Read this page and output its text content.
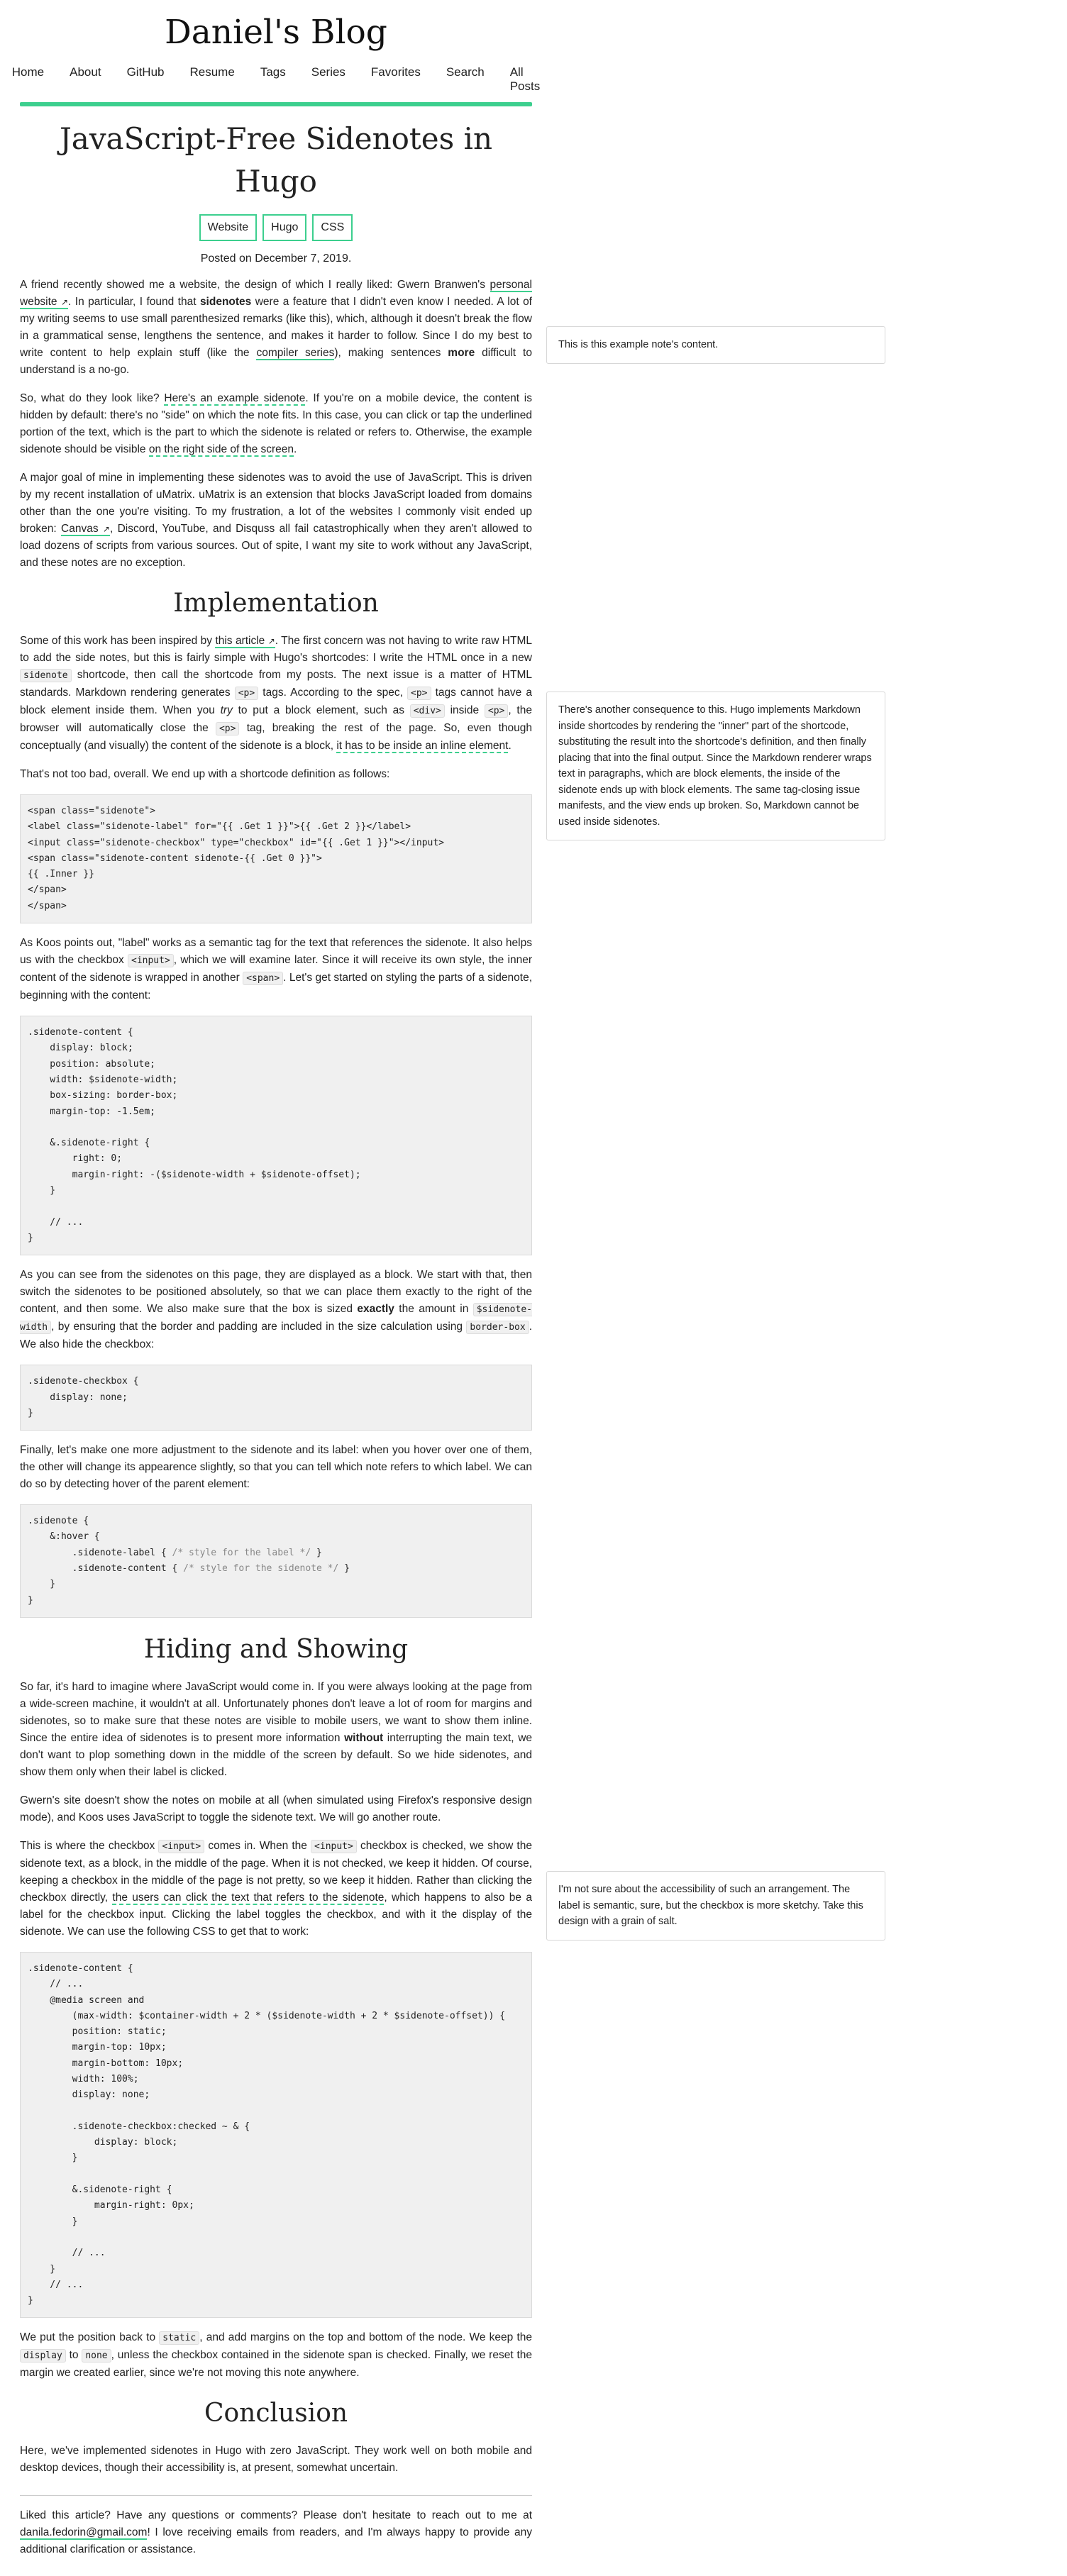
Daniel's Blog
Home About GitHub Resume Tags Series Favorites Search All Posts
JavaScript-Free Sidenotes in Hugo
Website	Hugo	CSS
Posted on December 7, 2019.

A friend recently showed me a website, the design of which I really liked: Gwern Branwen's personal website ↗. In particular, I found that sidenotes were a feature that I didn't even know I needed. A lot of my writing seems to use small parenthesized remarks (like this), which, although it doesn't break the flow in a grammatical sense, lengthens the sentence, and makes it harder to follow. Since I do my best to write content to help explain stuff (like the compiler series), making sentences more difficult to understand is a no-go.

So, what do they look like? Here's an example sidenote. If you're on a mobile device, the content is hidden by default: there's no "side" on which the note fits. In this case, you can click or tap the underlined portion of the text, which is the part to which the sidenote is related or refers to. Otherwise, the example sidenote should be visible on the right side of the screen.

A major goal of mine in implementing these sidenotes was to avoid the use of JavaScript. This is driven by my recent installation of uMatrix. uMatrix is an extension that blocks JavaScript loaded from domains other than the one you're visiting. To my frustration, a lot of the websites I commonly visit ended up broken: Canvas ↗, Discord, YouTube, and Disquss all fail catastrophically when they aren't allowed to load dozens of scripts from various sources. Out of spite, I want my site to work without any JavaScript, and these notes are no exception.

Implementation

Some of this work has been inspired by this article ↗. The first concern was not having to write raw HTML to add the side notes, but this is fairly simple with Hugo's shortcodes: I write the HTML once in a new sidenote shortcode, then call the shortcode from my posts. The next issue is a matter of HTML standards. Markdown rendering generates <p> tags. According to the spec, <p> tags cannot have a block element inside them. When you try to put a block element, such as <div> inside <p> , the browser will automatically close the <p> tag, breaking the rest of the page. So, even though conceptually (and visually) the content of the sidenote is a block, it has to be inside an inline element.

That's not too bad, overall. We end up with a shortcode definition as follows:

<span class="sidenote">
<label class="sidenote-label" for="{{ .Get 1 }}">{{ .Get 2 }}</label>
<input class="sidenote-checkbox" type="checkbox" id="{{ .Get 1 }}"></input>
<span class="sidenote-content sidenote-{{ .Get 0 }}">
{{ .Inner }}
</span>
</span>

As Koos points out, "label" works as a semantic tag for the text that references the sidenote. It also helps us with the checkbox <input> , which we will examine later. Since it will receive its own style, the inner content of the sidenote is wrapped in another <span> . Let's get started on styling the parts of a sidenote, beginning with the content:

.sidenote-content {
display: block;
position: absolute;
width: $sidenote-width;
box-sizing: border-box;
margin-top: -1.5em;

&.sidenote-right {
right: 0;
margin-right: -($sidenote-width + $sidenote-offset);
}

// ...
}

As you can see from the sidenotes on this page, they are displayed as a block. We start with that, then switch the sidenotes to be positioned absolutely, so that we can place them exactly to the right of the content, and then some. We also make sure that the box is sized exactly the amount in $sidenote-width , by ensuring that the border and padding are included in the size calculation using border-box . We also hide the checkbox:

.sidenote-checkbox {
display: none;
}

Finally, let's make one more adjustment to the sidenote and its label: when you hover over one of them, the other will change its appearence slightly, so that you can tell which note refers to which label. We can do so by detecting hover of the parent element:

.sidenote {
&:hover {
.sidenote-label { /* style for the label */ }
.sidenote-content { /* style for the sidenote */ }
}
}
Hiding and Showing

So far, it's hard to imagine where JavaScript would come in. If you were always looking at the page from a wide-screen machine, it wouldn't at all. Unfortunately phones don't leave a lot of room for margins and sidenotes, so to make sure that these notes are visible to mobile users, we want to show them inline. Since the entire idea of sidenotes is to present more information without interrupting the main text, we don't want to plop something down in the middle of the screen by default. So we hide sidenotes, and show them only when their label is clicked.

Gwern's site doesn't show the notes on mobile at all (when simulated using Firefox's responsive design mode), and Koos uses JavaScript to toggle the sidenote text. We will go another route.

This is where the checkbox <input> comes in. When the <input> checkbox is checked, we show the sidenote text, as a block, in the middle of the page. When it is not checked, we keep it hidden. Of course, keeping a checkbox in the middle of the page is not pretty, so we keep it hidden. Rather than clicking the checkbox directly, the users can click the text that refers to the sidenote, which happens to also be a label for the checkbox input. Clicking the label toggles the checkbox, and with it the display of the sidenote. We can use the following CSS to get that to work:

.sidenote-content {
// ...
@media screen and
(max-width: $container-width + 2 * ($sidenote-width + 2 * $sidenote-offset)) {
position: static;
margin-top: 10px;
margin-bottom: 10px;
width: 100%;
display: none;

.sidenote-checkbox:checked ~ & {
display: block;
}

&.sidenote-right {
margin-right: 0px;
}

// ...
}
// ...
}

We put the position back to static , and add margins on the top and bottom of the node. We keep the display to none , unless the checkbox contained in the sidenote span is checked. Finally, we reset the margin we created earlier, since we're not moving this note anywhere.

Conclusion

Here, we've implemented sidenotes in Hugo with zero JavaScript. They work well on both mobile and desktop devices, though their accessibility is, at present, somewhat uncertain.

Liked this article? Have any questions or comments? Please don't hesitate to reach out to me at danila.fedorin@gmail.com! I love receiving emails from readers, and I'm always happy to provide any additional clarification or assistance.

This is this example note's content.
There's another consequence to this. Hugo implements Markdown inside shortcodes by rendering the "inner" part of the shortcode, substituting the result into the shortcode's definition, and then finally placing that into the final output. Since the Markdown renderer wraps text in paragraphs, which are block elements, the inside of the sidenote ends up with block elements. The same tag-closing issue manifests, and the view ends up broken. So, Markdown cannot be used inside sidenotes.
I'm not sure about the accessibility of such an arrangement. The label is semantic, sure, but the checkbox is more sketchy. Take this design with a grain of salt.
